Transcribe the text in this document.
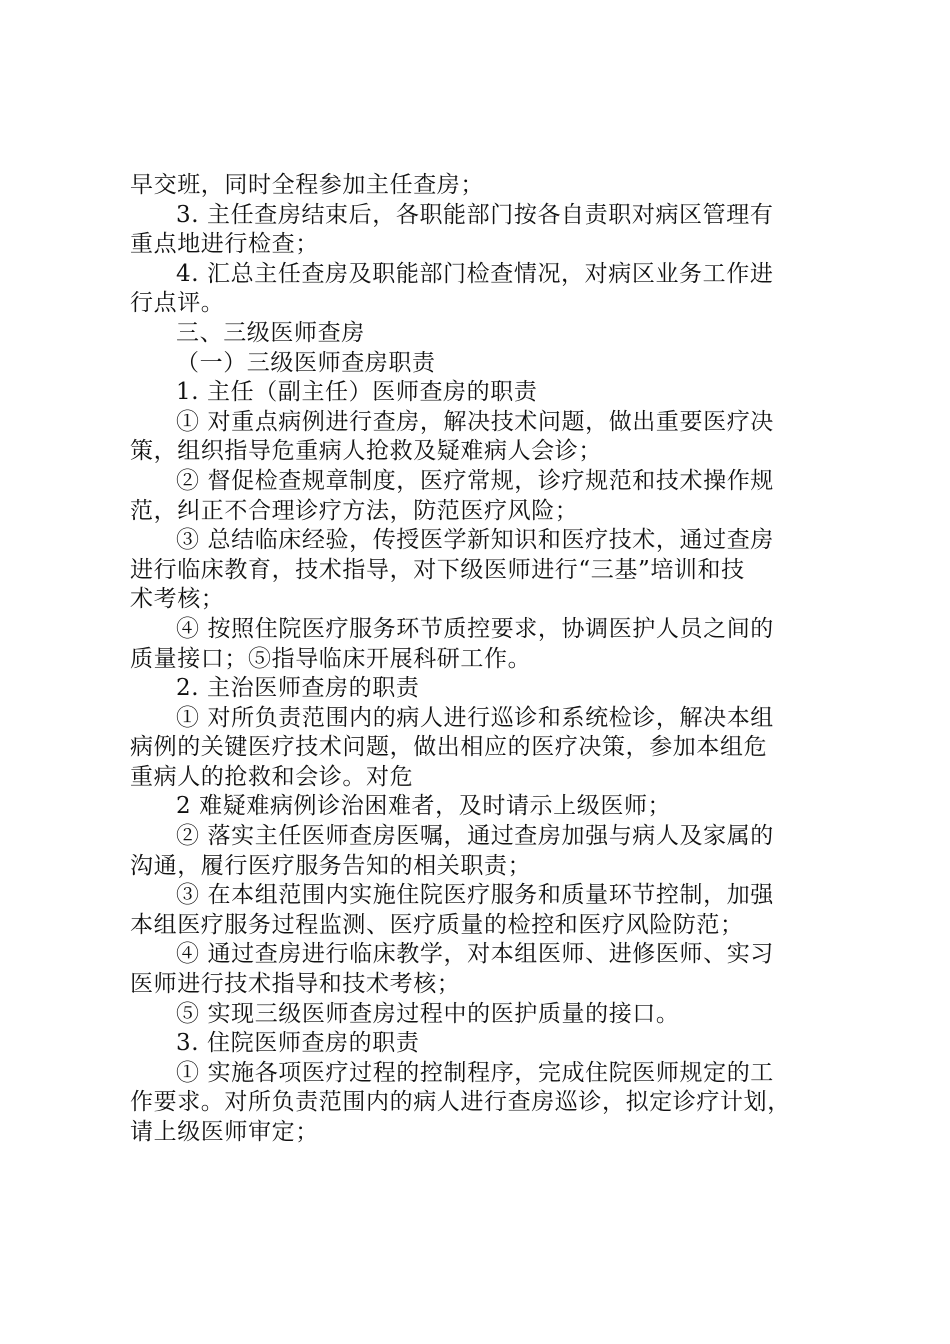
早交班，同时全程参加主任查房；
3. 主任查房结束后，各职能部门按各自责职对病区管理有
重点地进行检查；
4. 汇总主任查房及职能部门检查情况，对病区业务工作进
行点评。
三、三级医师查房
（一）三级医师查房职责
1. 主任（副主任）医师查房的职责
① 对重点病例进行查房，解决技术问题，做出重要医疗决
策，组织指导危重病人抢救及疑难病人会诊；
② 督促检查规章制度，医疗常规，诊疗规范和技术操作规
范，纠正不合理诊疗方法，防范医疗风险；
③ 总结临床经验，传授医学新知识和医疗技术，通过查房
进行临床教育，技术指导，对下级医师进行“三基”培训和技
术考核；
④ 按照住院医疗服务环节质控要求，协调医护人员之间的
质量接口；⑤指导临床开展科研工作。
2. 主治医师查房的职责
① 对所负责范围内的病人进行巡诊和系统检诊，解决本组
病例的关键医疗技术问题，做出相应的医疗决策，参加本组危
重病人的抢救和会诊。对危
2 难疑难病例诊治困难者，及时请示上级医师；
② 落实主任医师查房医嘱，通过查房加强与病人及家属的
沟通，履行医疗服务告知的相关职责；
③ 在本组范围内实施住院医疗服务和质量环节控制，加强
本组医疗服务过程监测、医疗质量的检控和医疗风险防范；
④ 通过查房进行临床教学，对本组医师、进修医师、实习
医师进行技术指导和技术考核；
⑤ 实现三级医师查房过程中的医护质量的接口。
3. 住院医师查房的职责
① 实施各项医疗过程的控制程序，完成住院医师规定的工
作要求。对所负责范围内的病人进行查房巡诊，拟定诊疗计划，
请上级医师审定；
